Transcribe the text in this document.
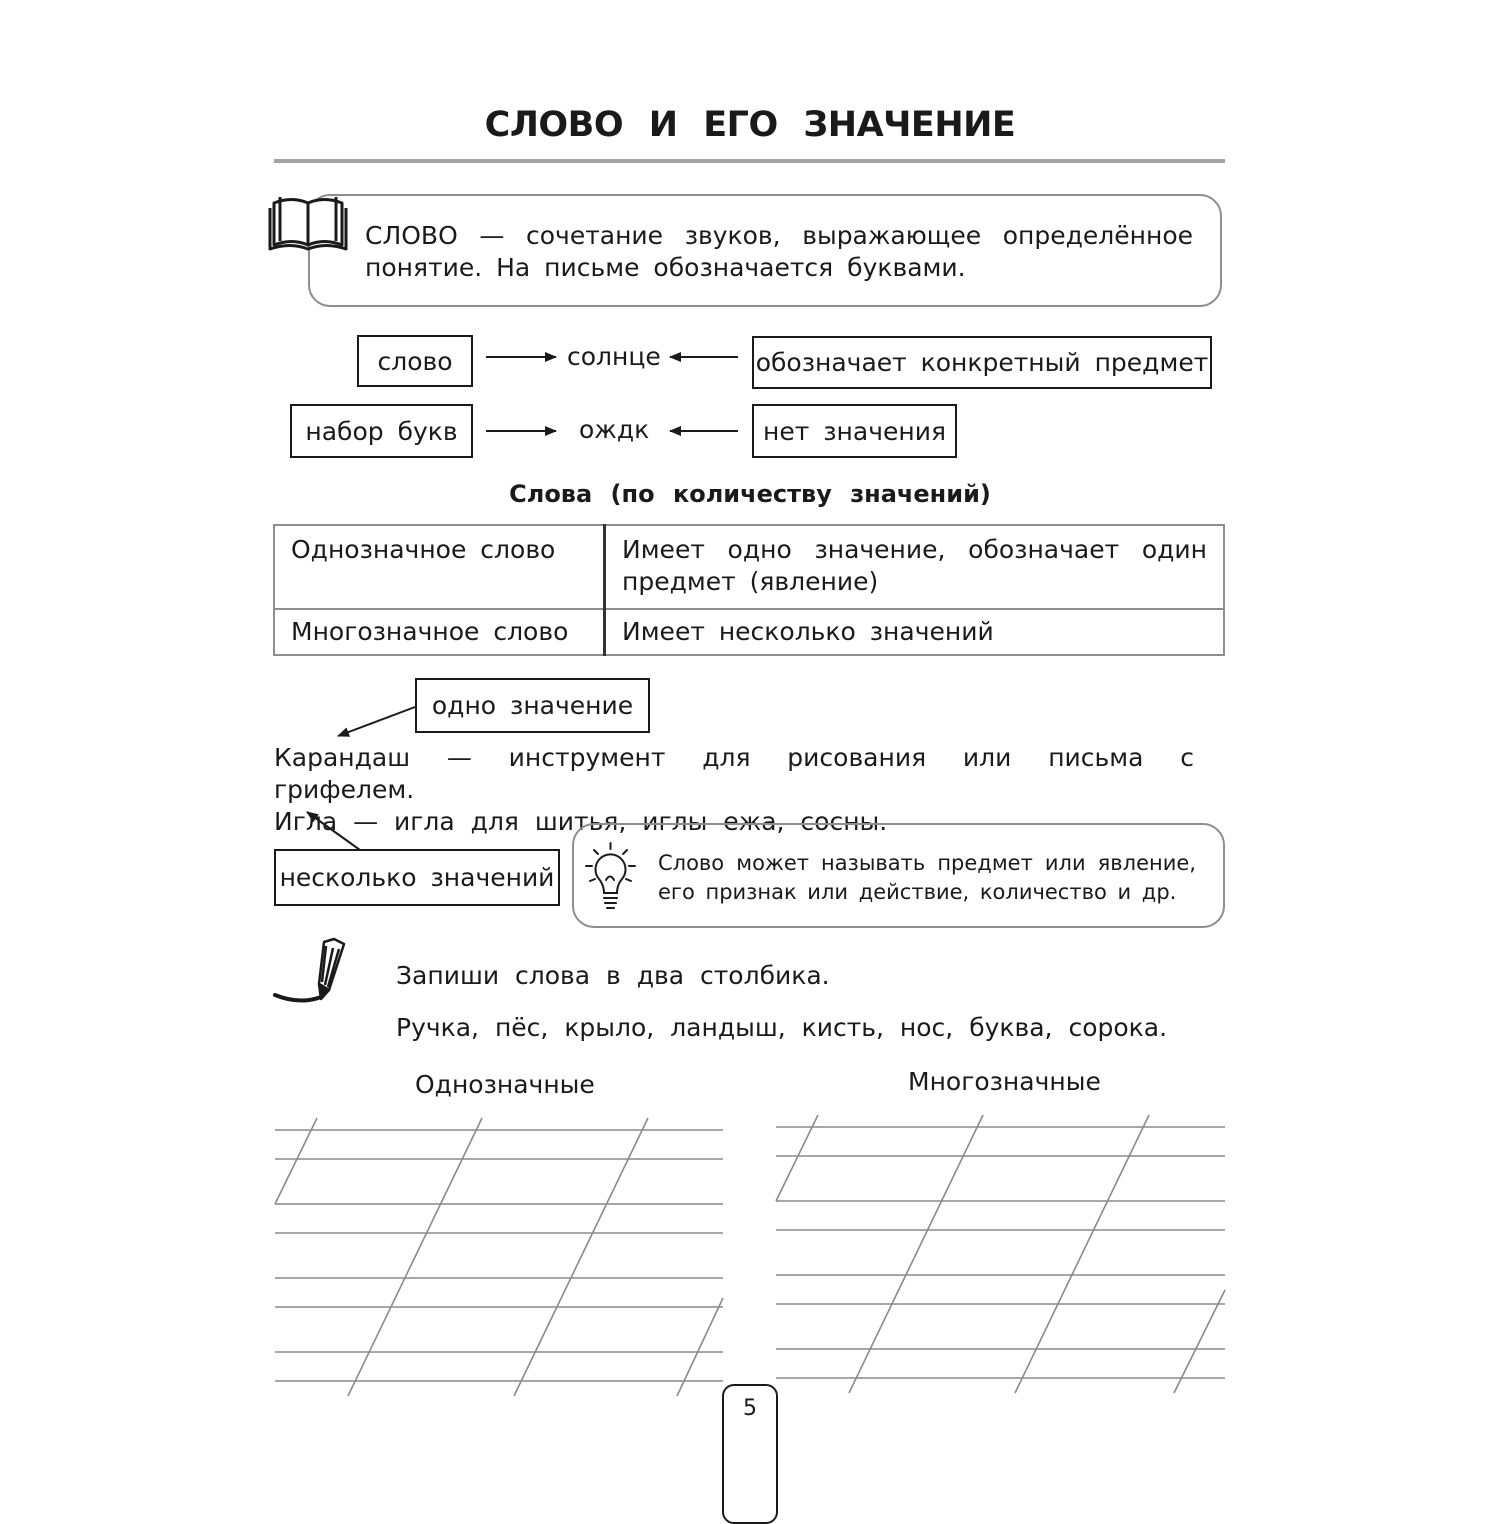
СЛОВО И ЕГО ЗНАЧЕНИЕ
СЛОВО — сочетание звуков, выражающее определённое понятие. На письме обозначается буквами.
слово	солнце	обозначает конкретный предмет
набор букв	ождк	нет значения
Слова (по количеству значений)
Однозначное слово	Имеет одно значение, обозначает один предмет (явление)
Многозначное слово	Имеет несколько значений
одно значение
несколько значений
Карандаш — инструмент для рисования или письма с грифелем.
Игла — игла для шитья, иглы ежа, сосны.
Слово может называть предмет или явление, его признак или действие, количество и др.
Запиши слова в два столбика.
Ручка, пёс, крыло, ландыш, кисть, нос, буква, сорока.
Однозначные	Многозначные
5
